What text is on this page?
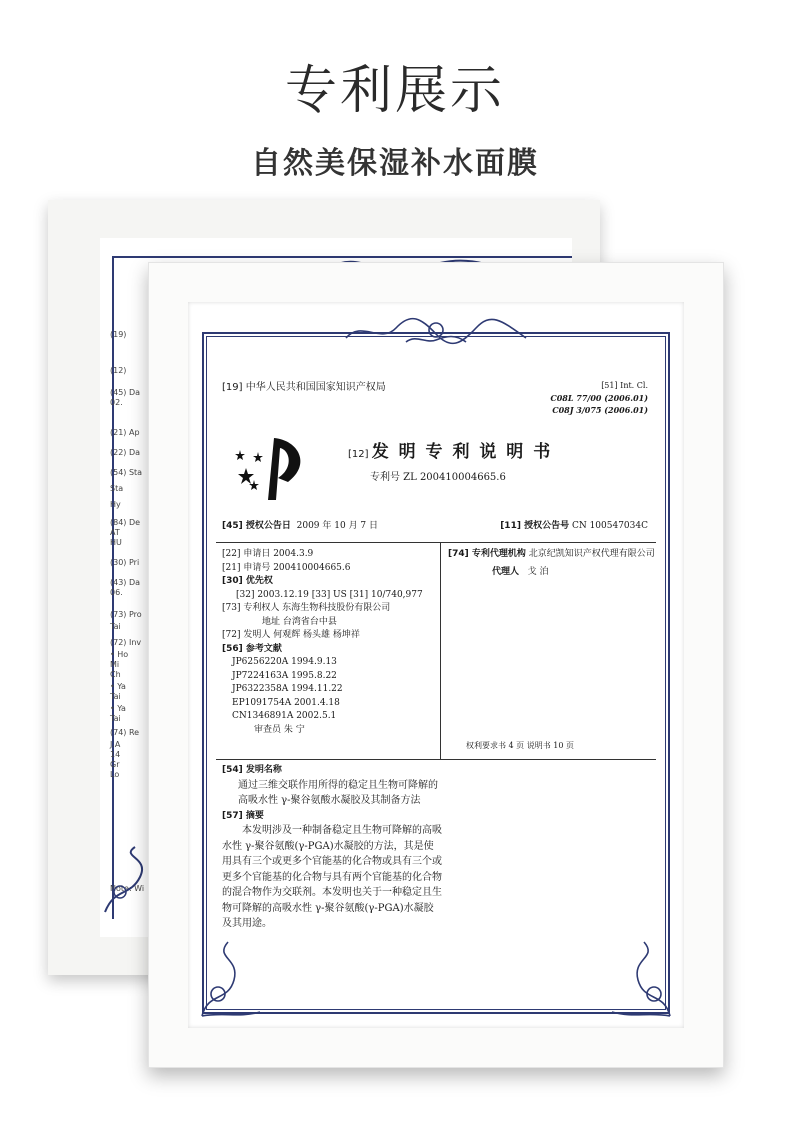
专利展示
自然美保湿补水面膜
(19)
(12)
(45) Da
02.
(21) Ap
(22) Da
(54) Sta
Sta
Hy
(84) De
AT
HU
(30) Pri
(43) Da
06.
(73) Pro
Tai
(72) Inv
• Ho
Mi
Ch
• Ya
Tai
• Ya
Tai
(74) Re
J.A
14
Gr
Lo
Note: Wi
[19] 中华人民共和国国家知识产权局	[51] Int. Cl.
C08L 77/00 (2006.01)
C08J 3/075 (2006.01)
[12] 发 明 专 利 说 明 书
专利号 ZL 200410004665.6
[45] 授权公告日 2009 年 10 月 7 日	[11] 授权公告号 CN 100547034C
[22] 申请日 2004.3.9
[21] 申请号 200410004665.6
[30] 优先权
[32] 2003.12.19 [33] US [31] 10/740,977
[73] 专利权人 东海生物科技股份有限公司
地址 台湾省台中县
[72] 发明人 何观辉 杨头雄 杨坤祥
[56] 参考文献
JP6256220A 1994.9.13
JP7224163A 1995.8.22
JP6322358A 1994.11.22
EP1091754A 2001.4.18
CN1346891A 2002.5.1
审查员 朱 宁
[74] 专利代理机构 北京纪凯知识产权代理有限公司
代理人 戈 泊
权利要求书 4 页 说明书 10 页
[54] 发明名称
通过三维交联作用所得的稳定且生物可降解的高吸水性 γ-聚谷氨酸水凝胶及其制备方法
[57] 摘要
本发明涉及一种制备稳定且生物可降解的高吸水性 γ-聚谷氨酸(γ-PGA)水凝胶的方法，其是使用具有三个或更多个官能基的化合物或具有三个或更多个官能基的化合物与具有两个官能基的化合物的混合物作为交联剂。本发明也关于一种稳定且生物可降解的高吸水性 γ-聚谷氨酸(γ-PGA)水凝胶及其用途。
